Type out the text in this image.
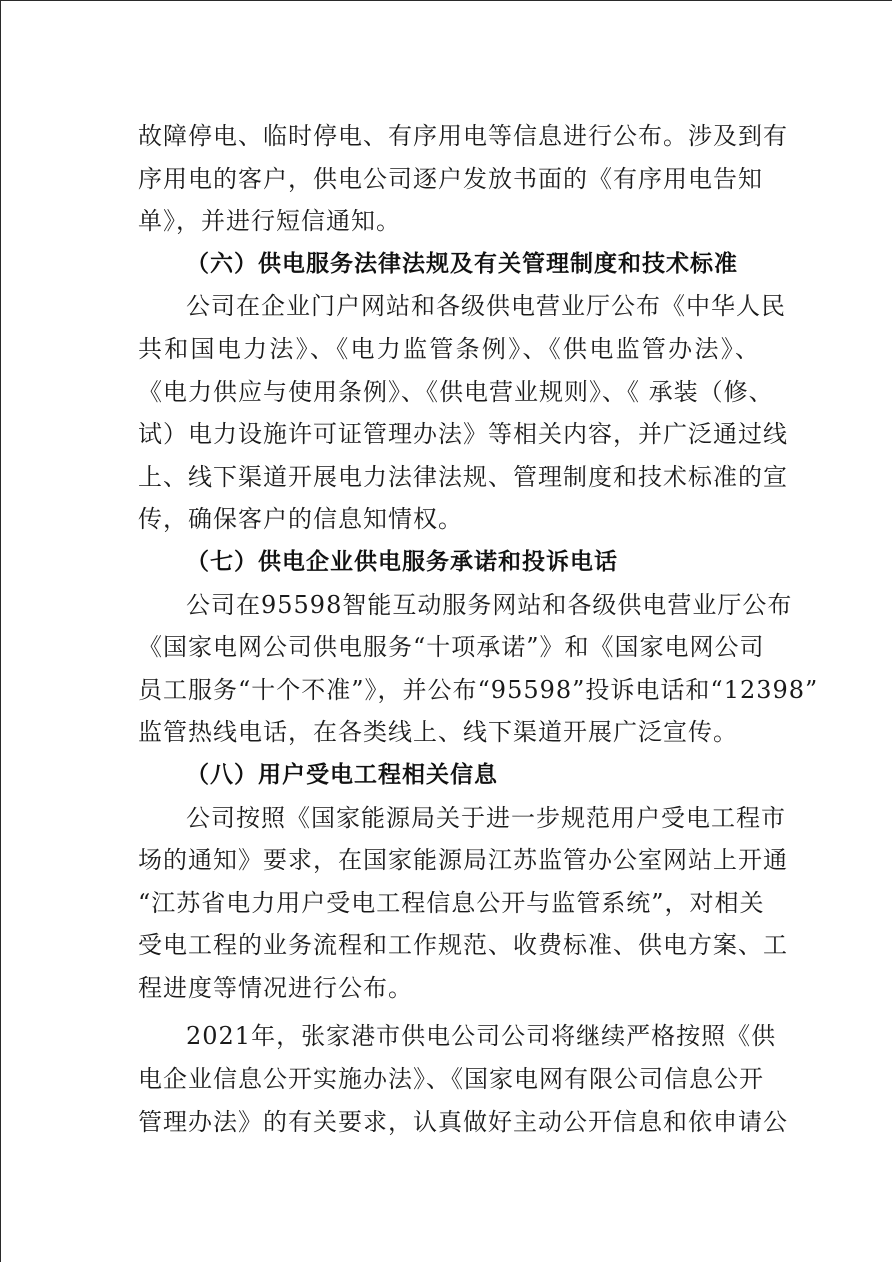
故障停电、临时停电、有序用电等信息进行公布。涉及到有
序用电的客户，供电公司逐户发放书面的《有序用电告知
单》，并进行短信通知。
（六）供电服务法律法规及有关管理制度和技术标准
公司在企业门户网站和各级供电营业厅公布《中华人民
共和国电力法》、《电力监管条例》、《供电监管办法》、
《电力供应与使用条例》、《供电营业规则》、《 承装（修、
试）电力设施许可证管理办法》等相关内容，并广泛通过线
上、线下渠道开展电力法律法规、管理制度和技术标准的宣
传，确保客户的信息知情权。
（七）供电企业供电服务承诺和投诉电话
公司在95598智能互动服务网站和各级供电营业厅公布
《国家电网公司供电服务“十项承诺”》和《国家电网公司
员工服务“十个不准”》，并公布“95598”投诉电话和“12398”
监管热线电话，在各类线上、线下渠道开展广泛宣传。
（八）用户受电工程相关信息
公司按照《国家能源局关于进一步规范用户受电工程市
场的通知》要求，在国家能源局江苏监管办公室网站上开通
“江苏省电力用户受电工程信息公开与监管系统”，对相关
受电工程的业务流程和工作规范、收费标准、供电方案、工
程进度等情况进行公布。
2021年，张家港市供电公司公司将继续严格按照《供
电企业信息公开实施办法》、《国家电网有限公司信息公开
管理办法》的有关要求，认真做好主动公开信息和依申请公
